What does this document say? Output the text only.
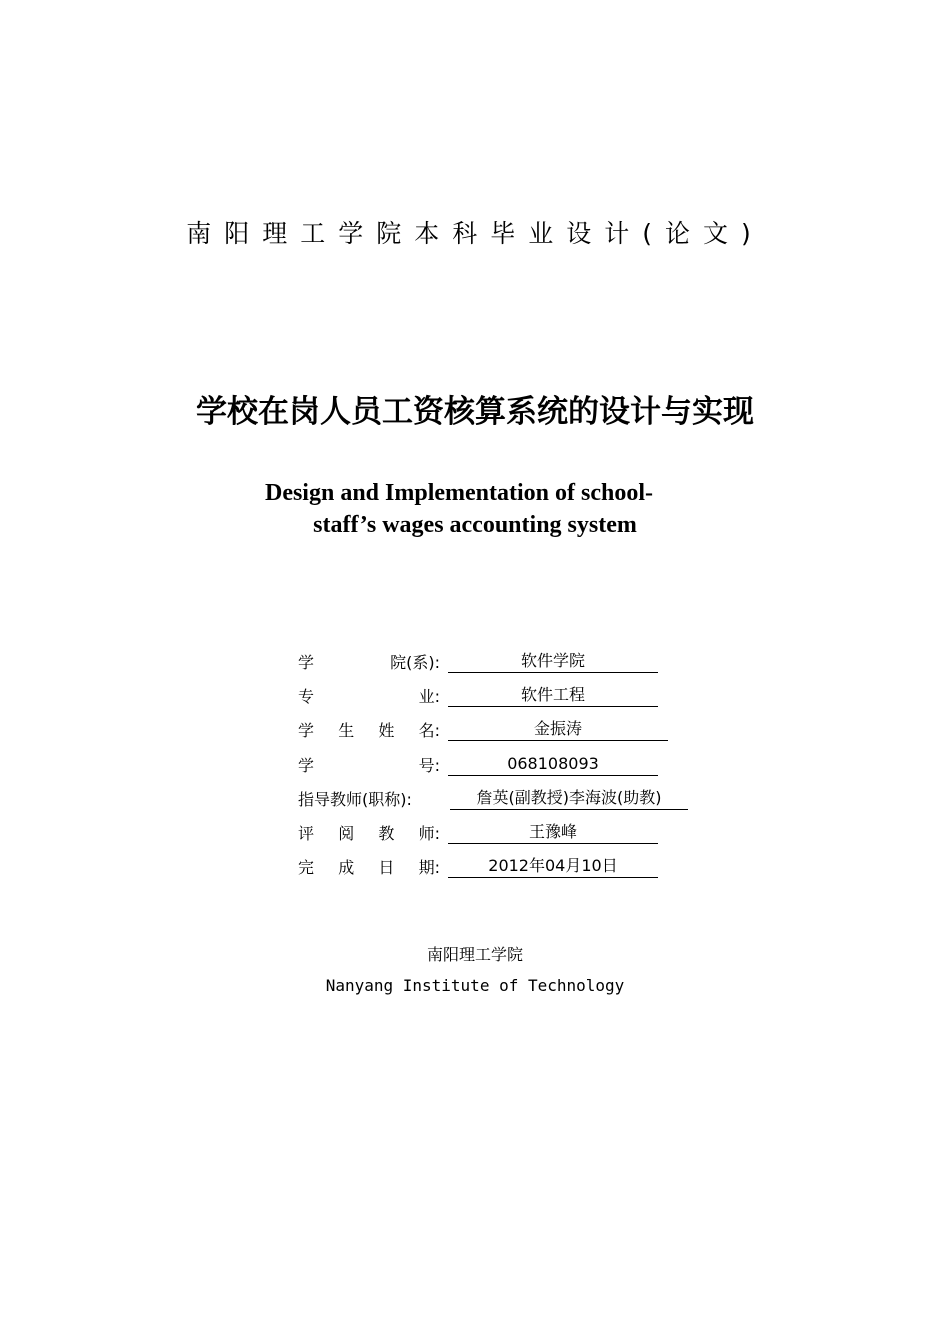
南阳理工学院本科毕业设计(论文)
学校在岗人员工资核算系统的设计与实现
Design and Implementation of school-
staff’s wages accounting system
学	院(系):	软件学院
专	业:	软件工程
学 生 姓 名:	金振涛
学	号:	068108093
指导教师(职称):	詹英(副教授)李海波(助教)
评 阅 教 师:	王豫峰
完 成 日 期:	2012年04月10日
南阳理工学院
Nanyang Institute of Technology
